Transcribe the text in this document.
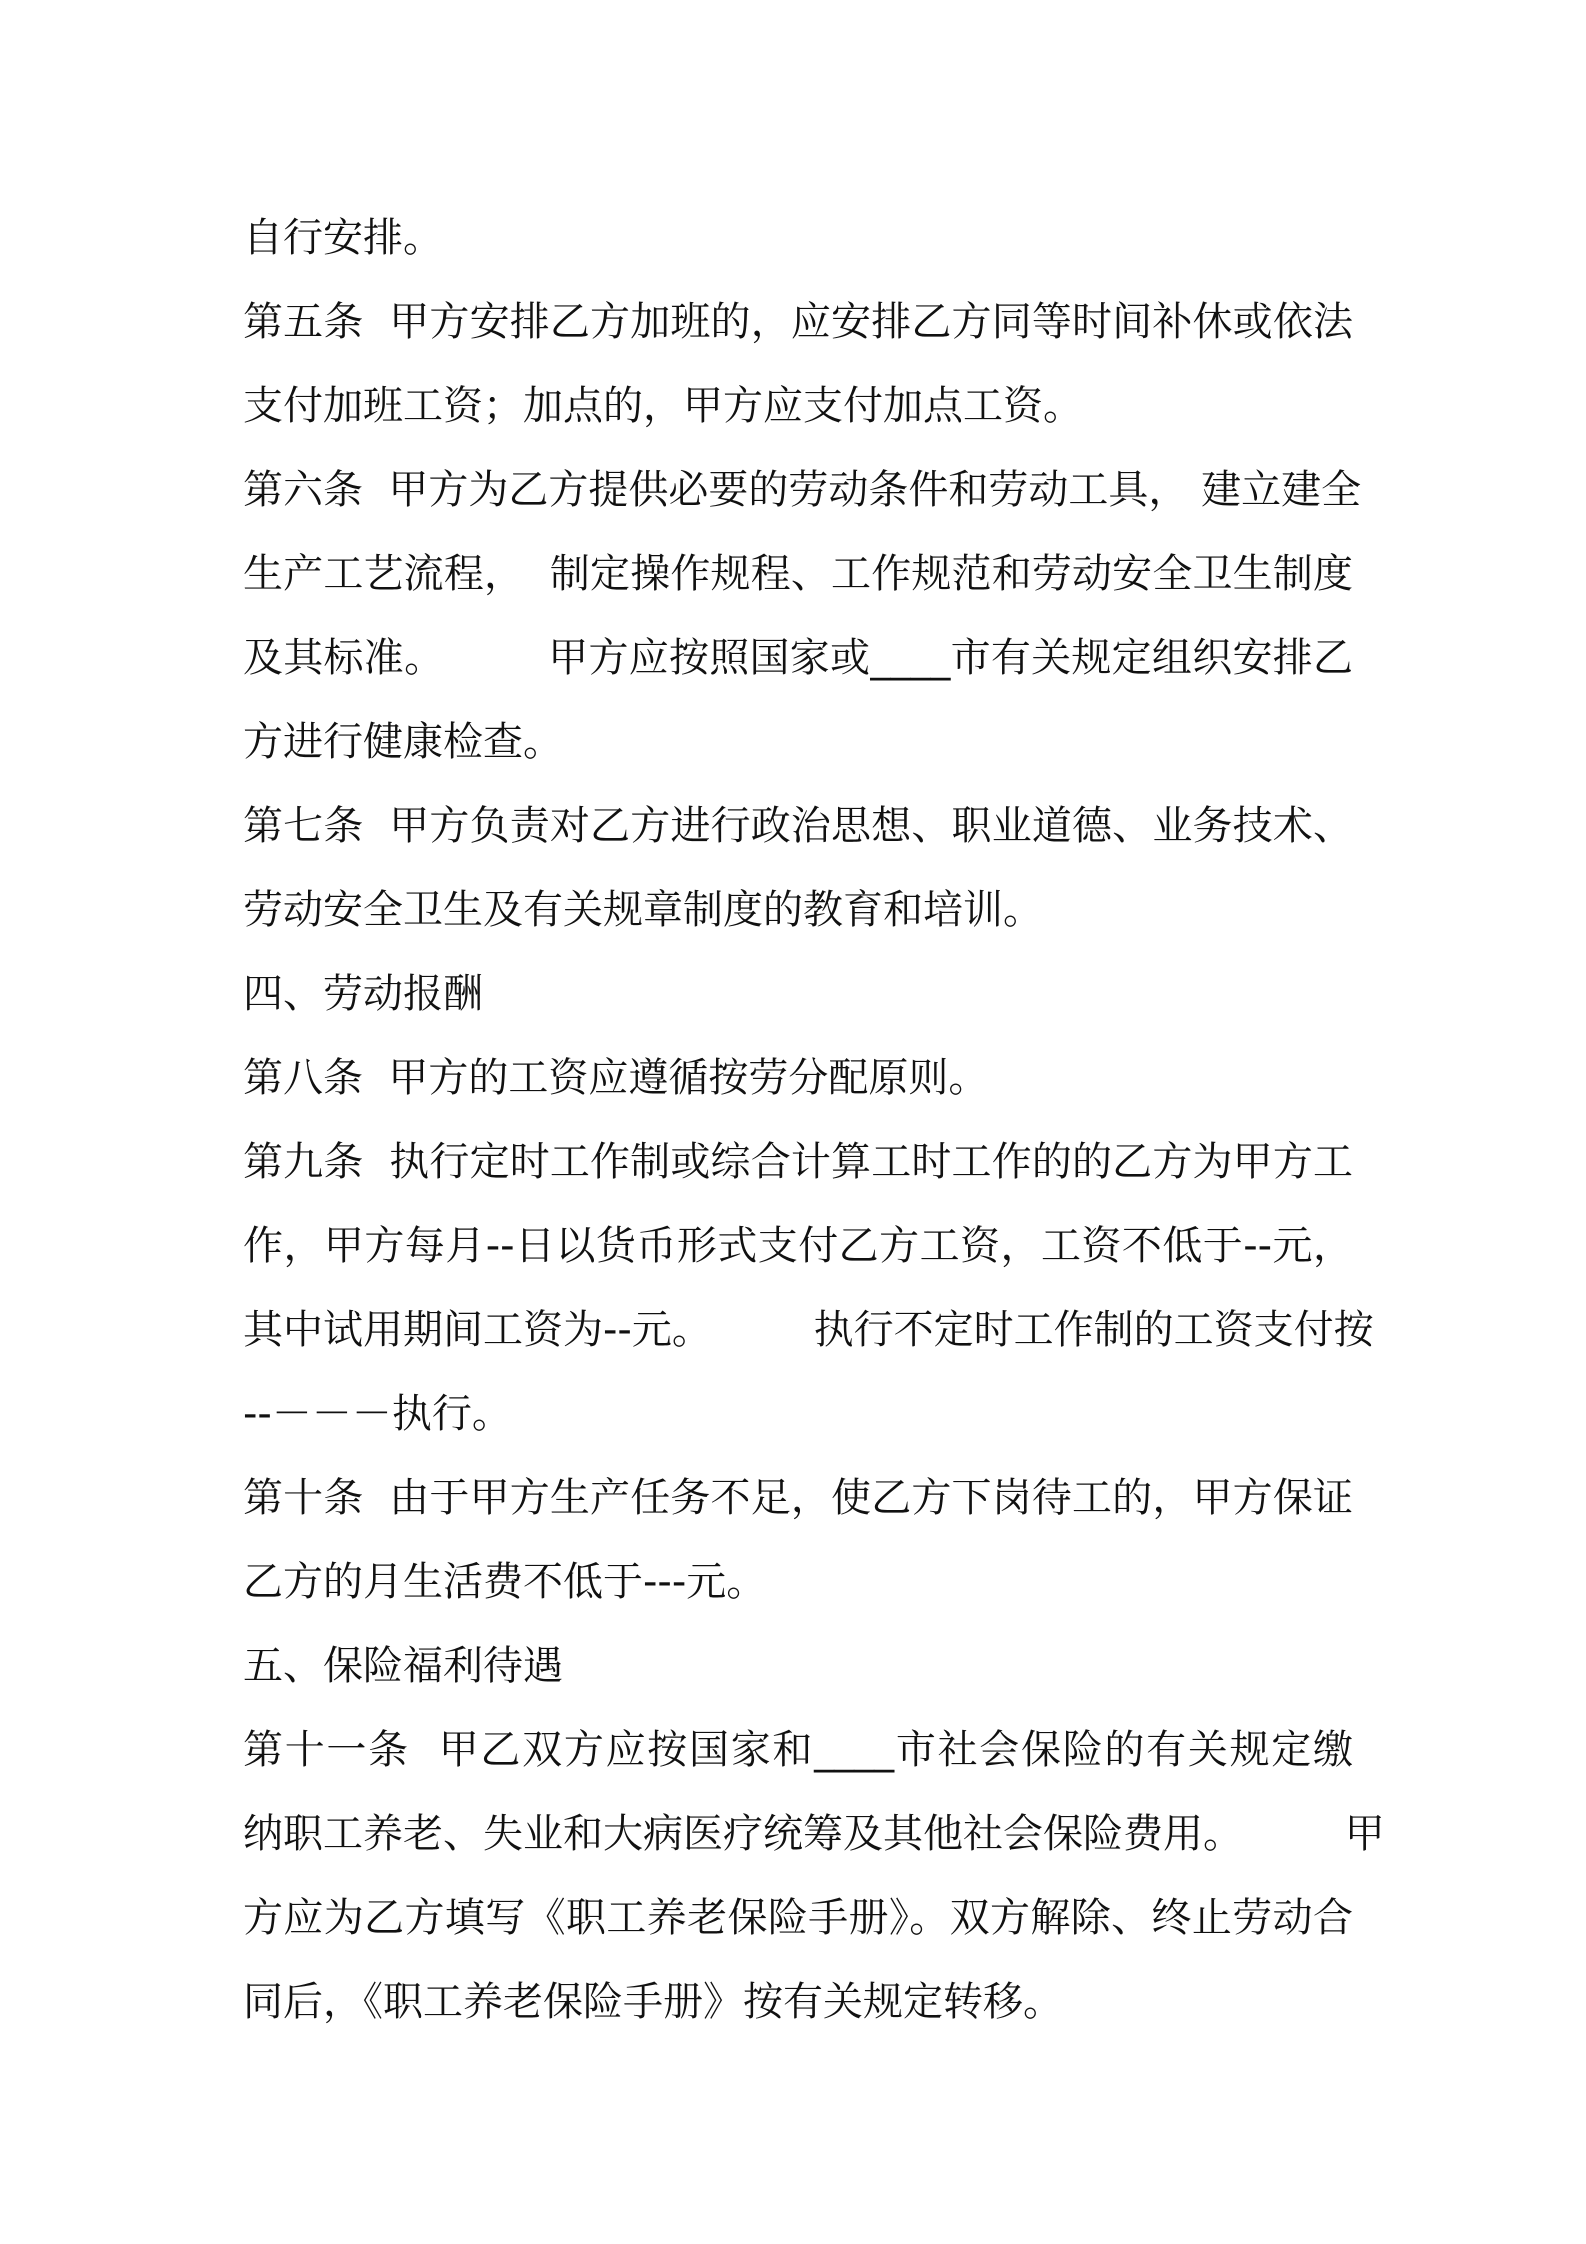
自行安排。
第五条  甲方安排乙方加班的，应安排乙方同等时间补休或依法
支付加班工资；加点的，甲方应支付加点工资。
第六条  甲方为乙方提供必要的劳动条件和劳动工具， 建立建全
生产工艺流程，  制定操作规程、工作规范和劳动安全卫生制度
及其标准。        甲方应按照国家或____市有关规定组织安排乙
方进行健康检查。
第七条  甲方负责对乙方进行政治思想、职业道德、业务技术、
劳动安全卫生及有关规章制度的教育和培训。
四、劳动报酬
第八条  甲方的工资应遵循按劳分配原则。
第九条  执行定时工作制或综合计算工时工作的的乙方为甲方工
作，甲方每月--日以货币形式支付乙方工资，工资不低于--元，
其中试用期间工资为--元。        执行不定时工作制的工资支付按
--－－－执行。
第十条  由于甲方生产任务不足，使乙方下岗待工的，甲方保证
乙方的月生活费不低于---元。
五、保险福利待遇
第十一条  甲乙双方应按国家和____市社会保险的有关规定缴
纳职工养老、失业和大病医疗统筹及其他社会保险费用。        甲
方应为乙方填写《职工养老保险手册》。双方解除、终止劳动合
同后，《职工养老保险手册》按有关规定转移。
